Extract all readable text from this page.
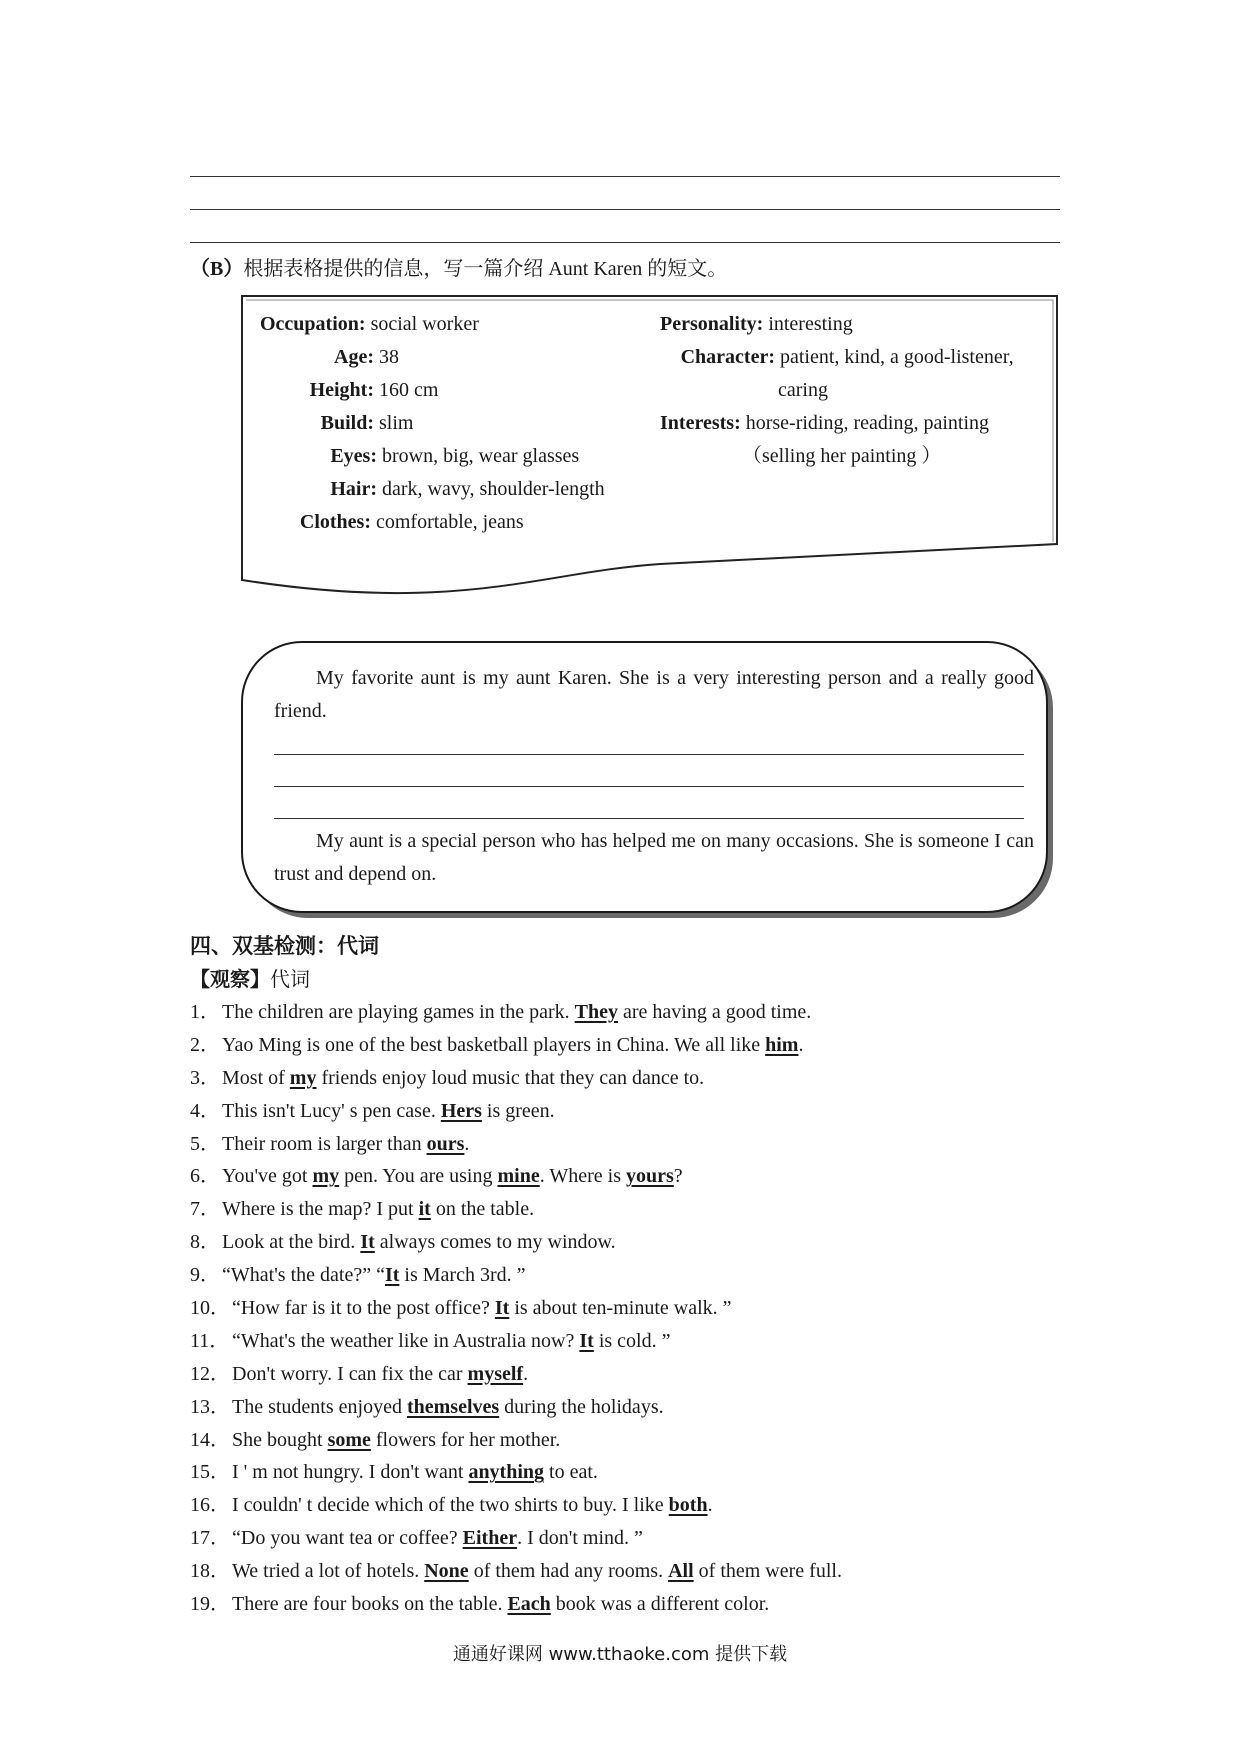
（B）根据表格提供的信息，写一篇介绍 Aunt Karen 的短文。
Occupation: social worker
Age: 38
Height: 160 cm
Build: slim
Eyes: brown, big, wear glasses
Hair: dark, wavy, shoulder-length
Clothes: comfortable, jeans
Personality: interesting
Character: patient, kind, a good-listener,
caring
Interests: horse-riding, reading, painting
（selling her painting ）
My favorite aunt is my aunt Karen. She is a very interesting person and a really good friend.
My aunt is a special person who has helped me on many occasions. She is someone I can trust and depend on.
四、双基检测：代词
【观察】代词
1． The children are playing games in the park. They are having a good time.
2． Yao Ming is one of the best basketball players in China. We all like him.
3． Most of my friends enjoy loud music that they can dance to.
4． This isn't Lucy' s pen case. Hers is green.
5． Their room is larger than ours.
6． You've got my pen. You are using mine. Where is yours?
7． Where is the map? I put it on the table.
8． Look at the bird. It always comes to my window.
9． “What's the date?” “It is March 3rd. ”
10． “How far is it to the post office? It is about ten-minute walk. ”
11． “What's the weather like in Australia now? It is cold. ”
12． Don't worry. I can fix the car myself.
13． The students enjoyed themselves during the holidays.
14． She bought some flowers for her mother.
15． I ' m not hungry. I don't want anything to eat.
16． I couldn' t decide which of the two shirts to buy. I like both.
17． “Do you want tea or coffee? Either. I don't mind. ”
18． We tried a lot of hotels. None of them had any rooms. All of them were full.
19． There are four books on the table. Each book was a different color.
通通好课网 www.tthaoke.com 提供下载
